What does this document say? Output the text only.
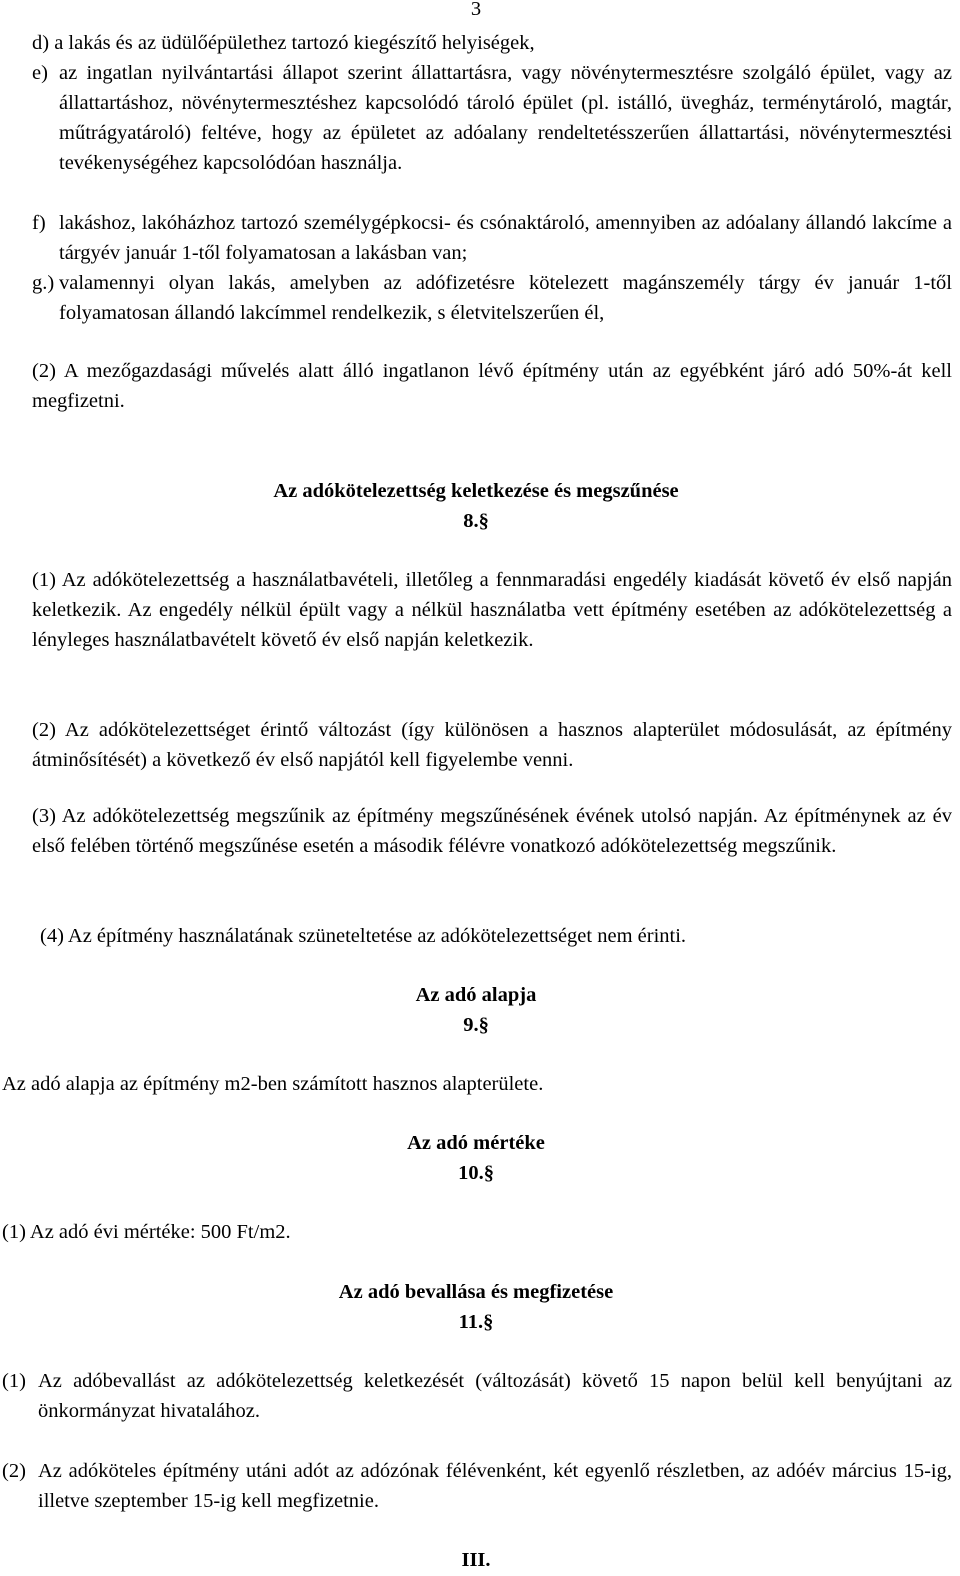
3
d) a lakás és az üdülőépülethez tartozó kiegészítő helyiségek,
e) az ingatlan nyilvántartási állapot szerint állattartásra, vagy növénytermesztésre szolgáló épület, vagy az állattartáshoz, növénytermesztéshez kapcsolódó tároló épület (pl. istálló, üvegház, terménytároló, magtár, műtrágyatároló) feltéve, hogy az épületet az adóalany rendeltetésszerűen állattartási, növénytermesztési tevékenységéhez kapcsolódóan használja.
f) lakáshoz, lakóházhoz tartozó személygépkocsi- és csónaktároló, amennyiben az adóalany állandó lakcíme a tárgyév január 1-től folyamatosan a lakásban van;
g.) valamennyi olyan lakás, amelyben az adófizetésre kötelezett magánszemély tárgy év január 1-től folyamatosan állandó lakcímmel rendelkezik, s életvitelszerűen él,
(2) A mezőgazdasági művelés alatt álló ingatlanon lévő építmény után az egyébként járó adó 50%-át kell megfizetni.
Az adókötelezettség keletkezése és megszűnése
8.§
(1) Az adókötelezettség a használatbavételi, illetőleg a fennmaradási engedély kiadását követő év első napján keletkezik. Az engedély nélkül épült vagy a nélkül használatba vett építmény esetében az adókötelezettség a lényleges használatbavételt követő év első napján keletkezik.
(2) Az adókötelezettséget érintő változást (így különösen a hasznos alapterület módosulását, az építmény átminősítését) a következő év első napjától kell figyelembe venni.
(3) Az adókötelezettség megszűnik az építmény megszűnésének évének utolsó napján. Az építménynek az év első felében történő megszűnése esetén a második félévre vonatkozó adókötelezettség megszűnik.
(4) Az építmény használatának szüneteltetése az adókötelezettséget nem érinti.
Az adó alapja
9.§
Az adó alapja az építmény m2-ben számított hasznos alapterülete.
Az adó mértéke
10.§
(1) Az adó évi mértéke: 500 Ft/m2.
Az adó bevallása és megfizetése
11.§
(1) Az adóbevallást az adókötelezettség keletkezését (változását) követő 15 napon belül kell benyújtani az önkormányzat hivatalához.
(2) Az adóköteles építmény utáni adót az adózónak félévenként, két egyenlő részletben, az adóév március 15-ig, illetve szeptember 15-ig kell megfizetnie.
III.
